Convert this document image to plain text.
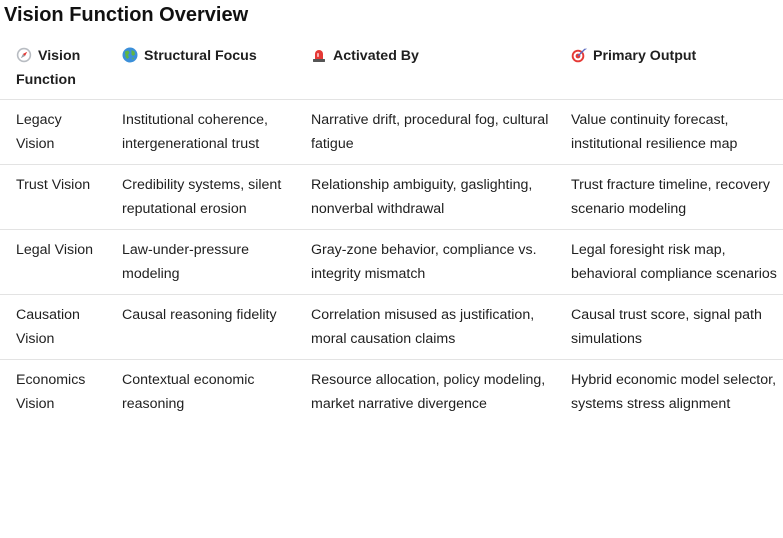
Vision Function Overview
Vision Function	Structural Focus	Activated By	Primary Output
Legacy Vision	Institutional coherence, intergenerational trust	Narrative drift, procedural fog, cultural fatigue	Value continuity forecast, institutional resilience map
Trust Vision	Credibility systems, silent reputational erosion	Relationship ambiguity, gaslighting, nonverbal withdrawal	Trust fracture timeline, recovery scenario modeling
Legal Vision	Law-under-pressure modeling	Gray-zone behavior, compliance vs. integrity mismatch	Legal foresight risk map, behavioral compliance scenarios
Causation Vision	Causal reasoning fidelity	Correlation misused as justification, moral causation claims	Causal trust score, signal path simulations
Economics Vision	Contextual economic reasoning	Resource allocation, policy modeling, market narrative divergence	Hybrid economic model selector, systems stress alignment
